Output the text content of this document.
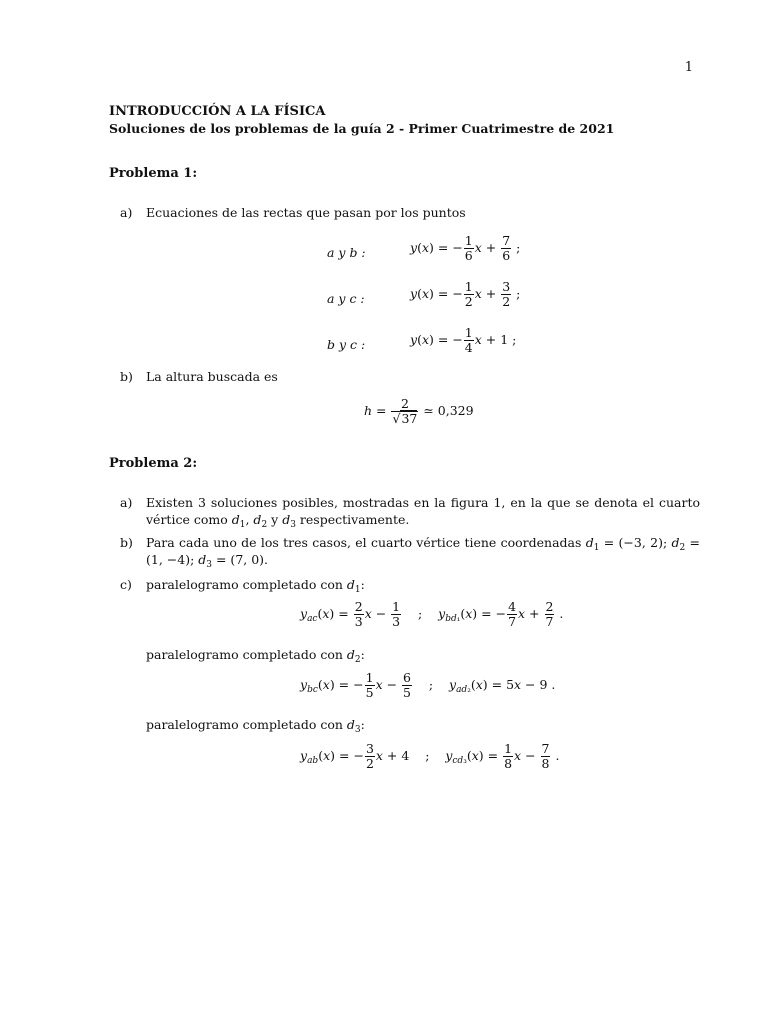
1
INTRODUCCIÓN A LA FÍSICA
Soluciones de los problemas de la guía 2 - Primer Cuatrimestre de 2021
Problema 1:
a) Ecuaciones de las rectas que pasan por los puntos
a y b :	y(x) = − $\frac{1}{6}$ $x + \frac{7}{6}$ ;
a y c :	y(x) = − $\frac{1}{2}$ $x + \frac{3}{2}$ ;
b y c :	y(x) = − $\frac{1}{4}$ x + 1 ;
b) La altura buscada es
$h = \frac{2}{√37}$ ≃ 0,329
Problema 2:
a) Existen 3 soluciones posibles, mostradas en la figura 1, en la que se denota el cuarto vértice como $d_1$, $d_2$ y $d_3$ respectivamente.
b) Para cada uno de los tres casos, el cuarto vértice tiene coordenadas $d_1 = (-3$, 2); $d_2 = (1$, −4); $d_3 = (7$, 0).
c) paralelogramo completado con $d_1$:
$y_{ac}(x) = \frac{2}{3}$ $x - \frac{1}{3}$ ;    $y_{bd_1}(x)$ = − $\frac{4}{7}$ $x + \frac{2}{7}$ .
paralelogramo completado con $d_2$:
$y_{bc}(x)$ = − $\frac{1}{5}$ $x - \frac{6}{5}$ ;    $y_{ad_2}(x) = 5x - 9$ .
paralelogramo completado con $d_3$:
$y_{ab}(x)$ = − $\frac{3}{2}$ x + 4    ;    $y_{cd_3}(x) = \frac{1}{8}$ $x - \frac{7}{8}$ .
